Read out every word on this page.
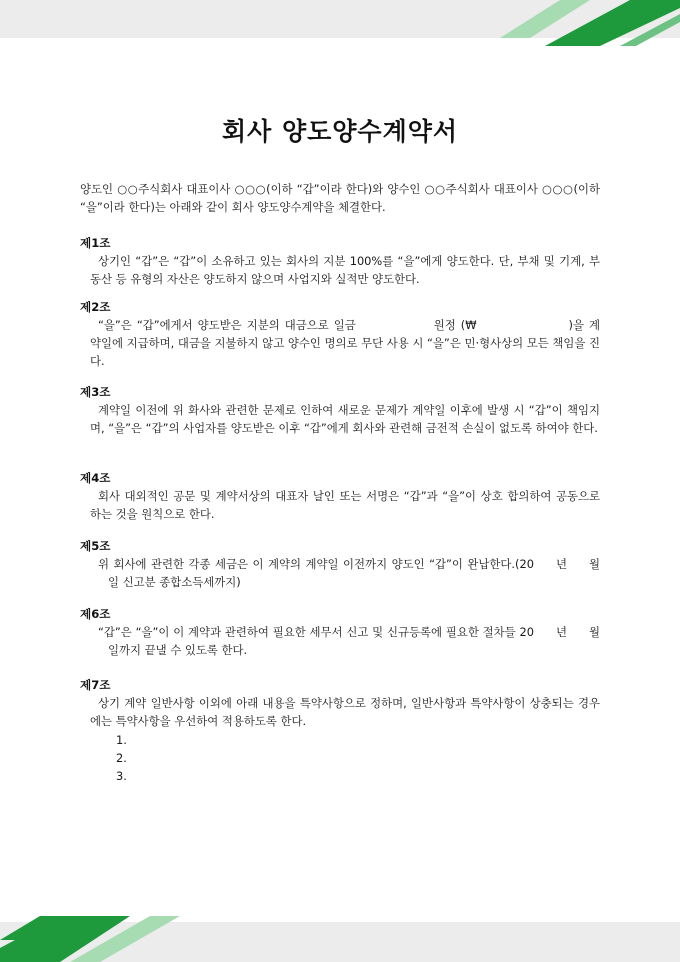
회사 양도양수계약서
양도인 ○○주식회사 대표이사 ○○○(이하 “갑”이라 한다)와 양수인 ○○주식회사 대표이사 ○○○(이하 “을”이라 한다)는 아래와 같이 회사 양도양수계약을 체결한다.
제1조
상기인 “갑”은 “갑”이 소유하고 있는 회사의 지분 100%를 “을”에게 양도한다. 단, 부채 및 기계, 부동산 등 유형의 자산은 양도하지 않으며 사업지와 실적만 양도한다.
제2조
“을”은 “갑”에게서 양도받은 지분의 대금으로 일금	원정 (₩	)을 계약일에 지급하며, 대금을 지불하지 않고 양수인 명의로 무단 사용 시 “을”은 민·형사상의 모든 책임을 진다.
제3조
계약일 이전에 위 화사와 관련한 문제로 인하여 새로운 문제가 계약일 이후에 발생 시 “갑”이 책임지며, “을”은 “갑”의 사업자를 양도받은 이후 “갑”에게 회사와 관련해 금전적 손실이 없도록 하여야 한다.
제4조
회사 대외적인 공문 및 계약서상의 대표자 날인 또는 서명은 “갑”과 “을”이 상호 합의하여 공동으로 하는 것을 원칙으로 한다.
제5조
위 회사에 관련한 각종 세금은 이 계약의 계약일 이전까지 양도인 “갑”이 완납한다.(20 년 월일 신고분 종합소득세까지)
제6조
“갑”은 “을”이 이 계약과 관련하여 필요한 세무서 신고 및 신규등록에 필요한 절차들 20 년 월일까지 끝낼 수 있도록 한다.
제7조
상기 계약 일반사항 이외에 아래 내용을 특약사항으로 정하며, 일반사항과 특약사항이 상충되는 경우에는 특약사항을 우선하여 적용하도록 한다.
1.
2.
3.
